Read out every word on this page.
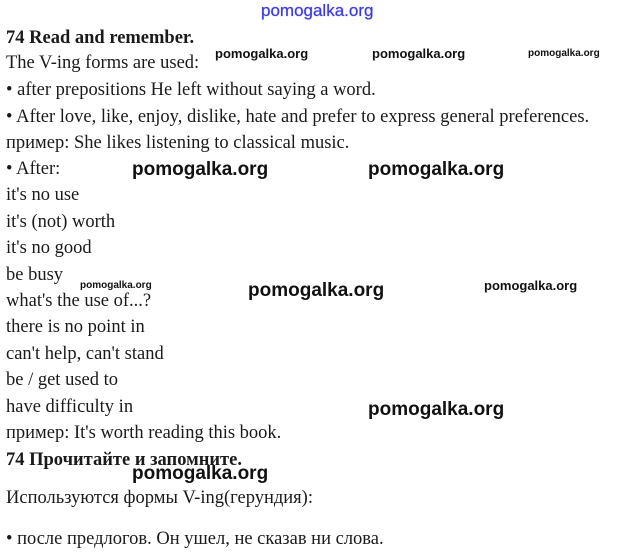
74 Read and remember.

The V-ing forms are used:

• after prepositions He left without saying a word.

• After love, like, enjoy, dislike, hate and prefer to express general preferences.

пример: She likes listening to classical music.

• After:

it's no use

it's (not) worth

it's no good

be busy

what's the use of...?

there is no point in

can't help, can't stand

be / get used to

have difficulty in

пример: It's worth reading this book.

74 Прочитайте и запомните.

Используются формы V-ing(герундия):

• после предлогов. Он ушел, не сказав ни слова.

pomogalka.org
pomogalka.org	pomogalka.org	pomogalka.org
pomogalka.org	pomogalka.org
pomogalka.org	pomogalka.org	pomogalka.org
pomogalka.org
pomogalka.org
